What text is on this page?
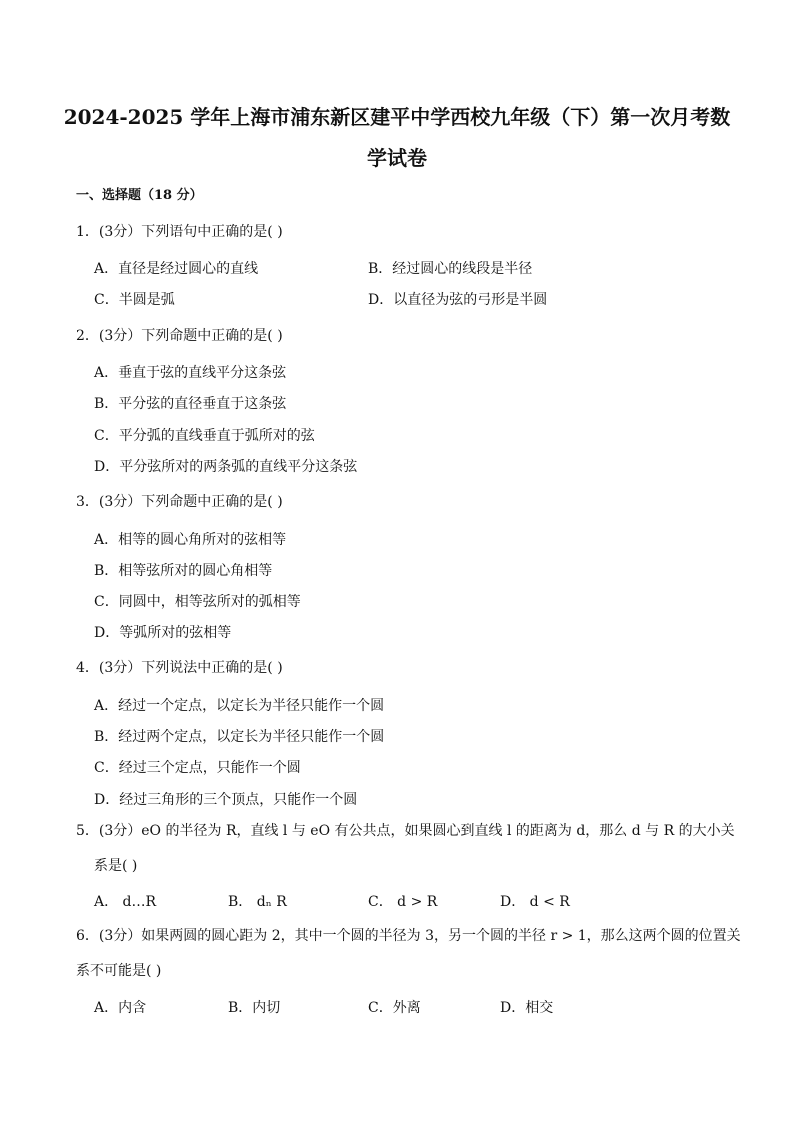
2024-2025 学年上海市浦东新区建平中学西校九年级（下）第一次月考数
学试卷
一、选择题（18 分）
1．(3分）下列语句中正确的是( )
A．直径是经过圆心的直线	B．经过圆心的线段是半径
C．半圆是弧	D．以直径为弦的弓形是半圆
2．(3分）下列命题中正确的是( )
A．垂直于弦的直线平分这条弦
B．平分弦的直径垂直于这条弦
C．平分弧的直线垂直于弧所对的弦
D．平分弦所对的两条弧的直线平分这条弦
3．(3分）下列命题中正确的是( )
A．相等的圆心角所对的弦相等
B．相等弦所对的圆心角相等
C．同圆中，相等弦所对的弧相等
D．等弧所对的弦相等
4．(3分）下列说法中正确的是( )
A．经过一个定点，以定长为半径只能作一个圆
B．经过两个定点，以定长为半径只能作一个圆
C．经过三个定点，只能作一个圆
D．经过三角形的三个顶点，只能作一个圆
5．(3分）eO 的半径为 R，直线 l 与 eO 有公共点，如果圆心到直线 l 的距离为 d，那么 d 与 R 的大小关
系是( )
A． d…R	B． dₙ R	C． d > R	D． d < R
6．(3分）如果两圆的圆心距为 2，其中一个圆的半径为 3，另一个圆的半径 r > 1，那么这两个圆的位置关
系不可能是( )
A．内含	B．内切	C．外离	D．相交
